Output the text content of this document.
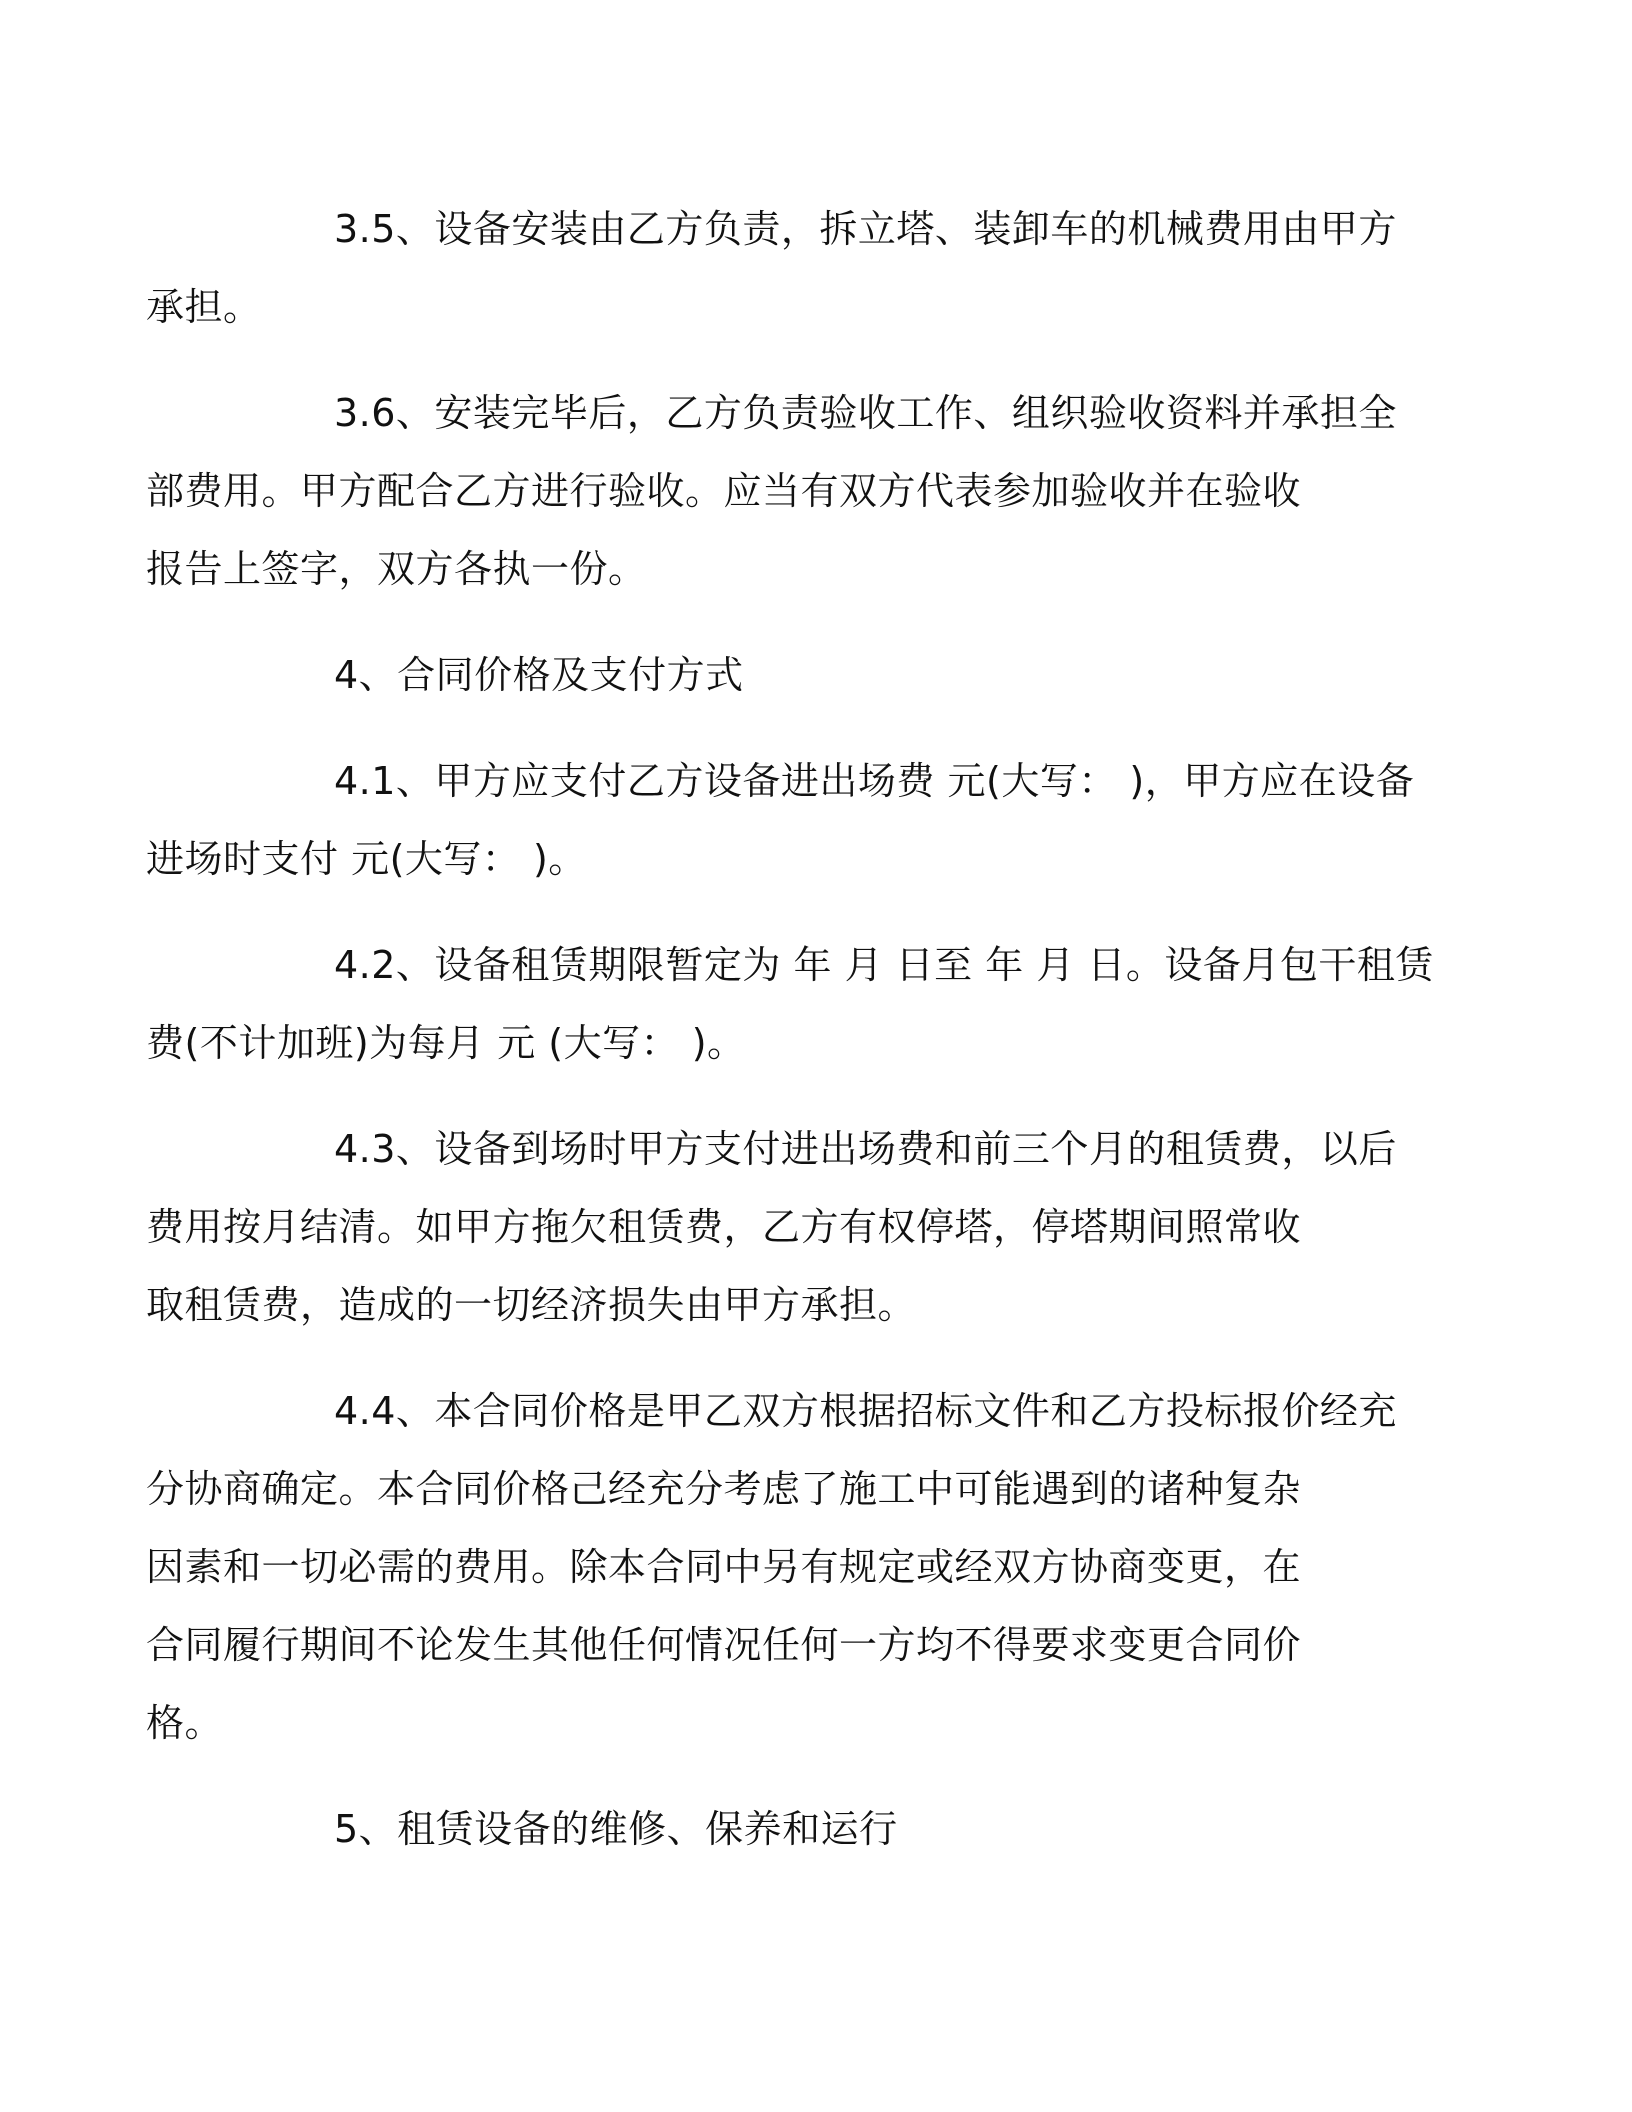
3.5、设备安装由乙方负责，拆立塔、装卸车的机械费用由甲方
承担。

3.6、安装完毕后，乙方负责验收工作、组织验收资料并承担全
部费用。甲方配合乙方进行验收。应当有双方代表参加验收并在验收
报告上签字，双方各执一份。

4、合同价格及支付方式

4.1、甲方应支付乙方设备进出场费 元(大写： )，甲方应在设备
进场时支付 元(大写： )。

4.2、设备租赁期限暂定为 年 月 日至 年 月 日。设备月包干租赁
费(不计加班)为每月 元 (大写： )。

4.3、设备到场时甲方支付进出场费和前三个月的租赁费，以后
费用按月结清。如甲方拖欠租赁费，乙方有权停塔，停塔期间照常收
取租赁费，造成的一切经济损失由甲方承担。

4.4、本合同价格是甲乙双方根据招标文件和乙方投标报价经充
分协商确定。本合同价格己经充分考虑了施工中可能遇到的诸种复杂
因素和一切必需的费用。除本合同中另有规定或经双方协商变更，在
合同履行期间不论发生其他任何情况任何一方均不得要求变更合同价
格。

5、租赁设备的维修、保养和运行
